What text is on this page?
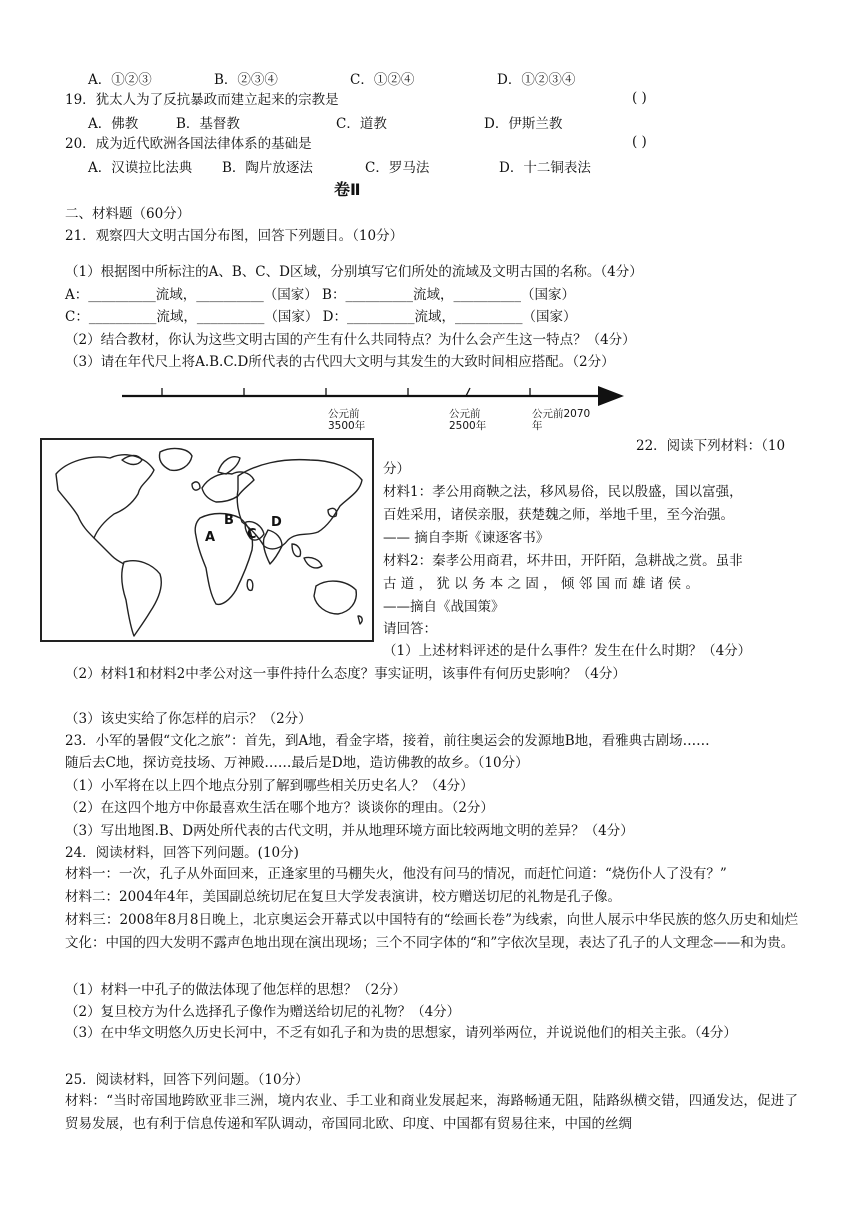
A．①②③	B．②③④	C．①②④	D．①②③④
19．犹太人为了反抗暴政而建立起来的宗教是	( )
A．佛教	B．基督教	C．道教	D．伊斯兰教
20．成为近代欧洲各国法律体系的基础是	( )
A．汉谟拉比法典 B．陶片放逐法	C．罗马法	D．十二铜表法
卷Ⅱ
二、材料题（60分）
21．观察四大文明古国分布图，回答下列题目。（10分）
（1）根据图中所标注的A、B、C、D区域，分别填写它们所处的流域及文明古国的名称。（4分）
A：__________流域，__________（国家） B：__________流域，__________（国家）
C：__________流域，__________（国家） D：__________流域，__________（国家）
（2）结合教材，你认为这些文明古国的产生有什么共同特点？为什么会产生这一特点？（4分）
（3）请在年代尺上将A.B.C.D所代表的古代四大文明与其发生的大致时间相应搭配。（2分）
公元前
3500年
公元前
2500年
公元前2070
年
A
B
C
D
22．阅读下列材料：（10
分）
材料1：孝公用商鞅之法，移风易俗，民以殷盛，国以富强，
百姓采用，诸侯亲服，获楚魏之师，举地千里，至今治强。
—— 摘自李斯《谏逐客书》
材料2：秦孝公用商君，坏井田，开阡陌，急耕战之赏。虽非
古 道 ， 犹 以 务 本 之 固 ， 倾 邻 国 而 雄 诸 侯 。
——摘自《战国策》
请回答：
（1）上述材料评述的是什么事件？发生在什么时期？（4分）
（2）材料1和材料2中孝公对这一事件持什么态度？事实证明，该事件有何历史影响？（4分）
（3）该史实给了你怎样的启示？（2分）
23．小军的暑假“文化之旅”：首先，到A地，看金字塔，接着，前往奥运会的发源地B地，看雅典古剧场……
随后去C地，探访竞技场、万神殿……最后是D地，造访佛教的故乡。（10分）
（1）小军将在以上四个地点分别了解到哪些相关历史名人？（4分）
（2）在这四个地方中你最喜欢生活在哪个地方？谈谈你的理由。（2分）
（3）写出地图.B、D两处所代表的古代文明，并从地理环境方面比较两地文明的差异？（4分）
24．阅读材料，回答下列问题。(10分)
材料一：一次，孔子从外面回来，正逢家里的马棚失火，他没有问马的情况，而赶忙问道：“烧伤仆人了没有？”
材料二：2004年4年，美国副总统切尼在复旦大学发表演讲，校方赠送切尼的礼物是孔子像。
材料三：2008年8月8日晚上，北京奥运会开幕式以中国特有的“绘画长卷”为线索，向世人展示中华民族的悠久历史和灿烂文化：中国的四大发明不露声色地出现在演出现场；三个不同字体的“和”字依次呈现，表达了孔子的人文理念——和为贵。
（1）材料一中孔子的做法体现了他怎样的思想？（2分）
（2）复旦校方为什么选择孔子像作为赠送给切尼的礼物？（4分）
（3）在中华文明悠久历史长河中，不乏有如孔子和为贵的思想家，请列举两位，并说说他们的相关主张。（4分）
25．阅读材料，回答下列问题。（10分）
材料：“当时帝国地跨欧亚非三洲，境内农业、手工业和商业发展起来，海路畅通无阻，陆路纵横交错，四通发达，促进了贸易发展，也有利于信息传递和军队调动，帝国同北欧、印度、中国都有贸易往来，中国的丝绸
